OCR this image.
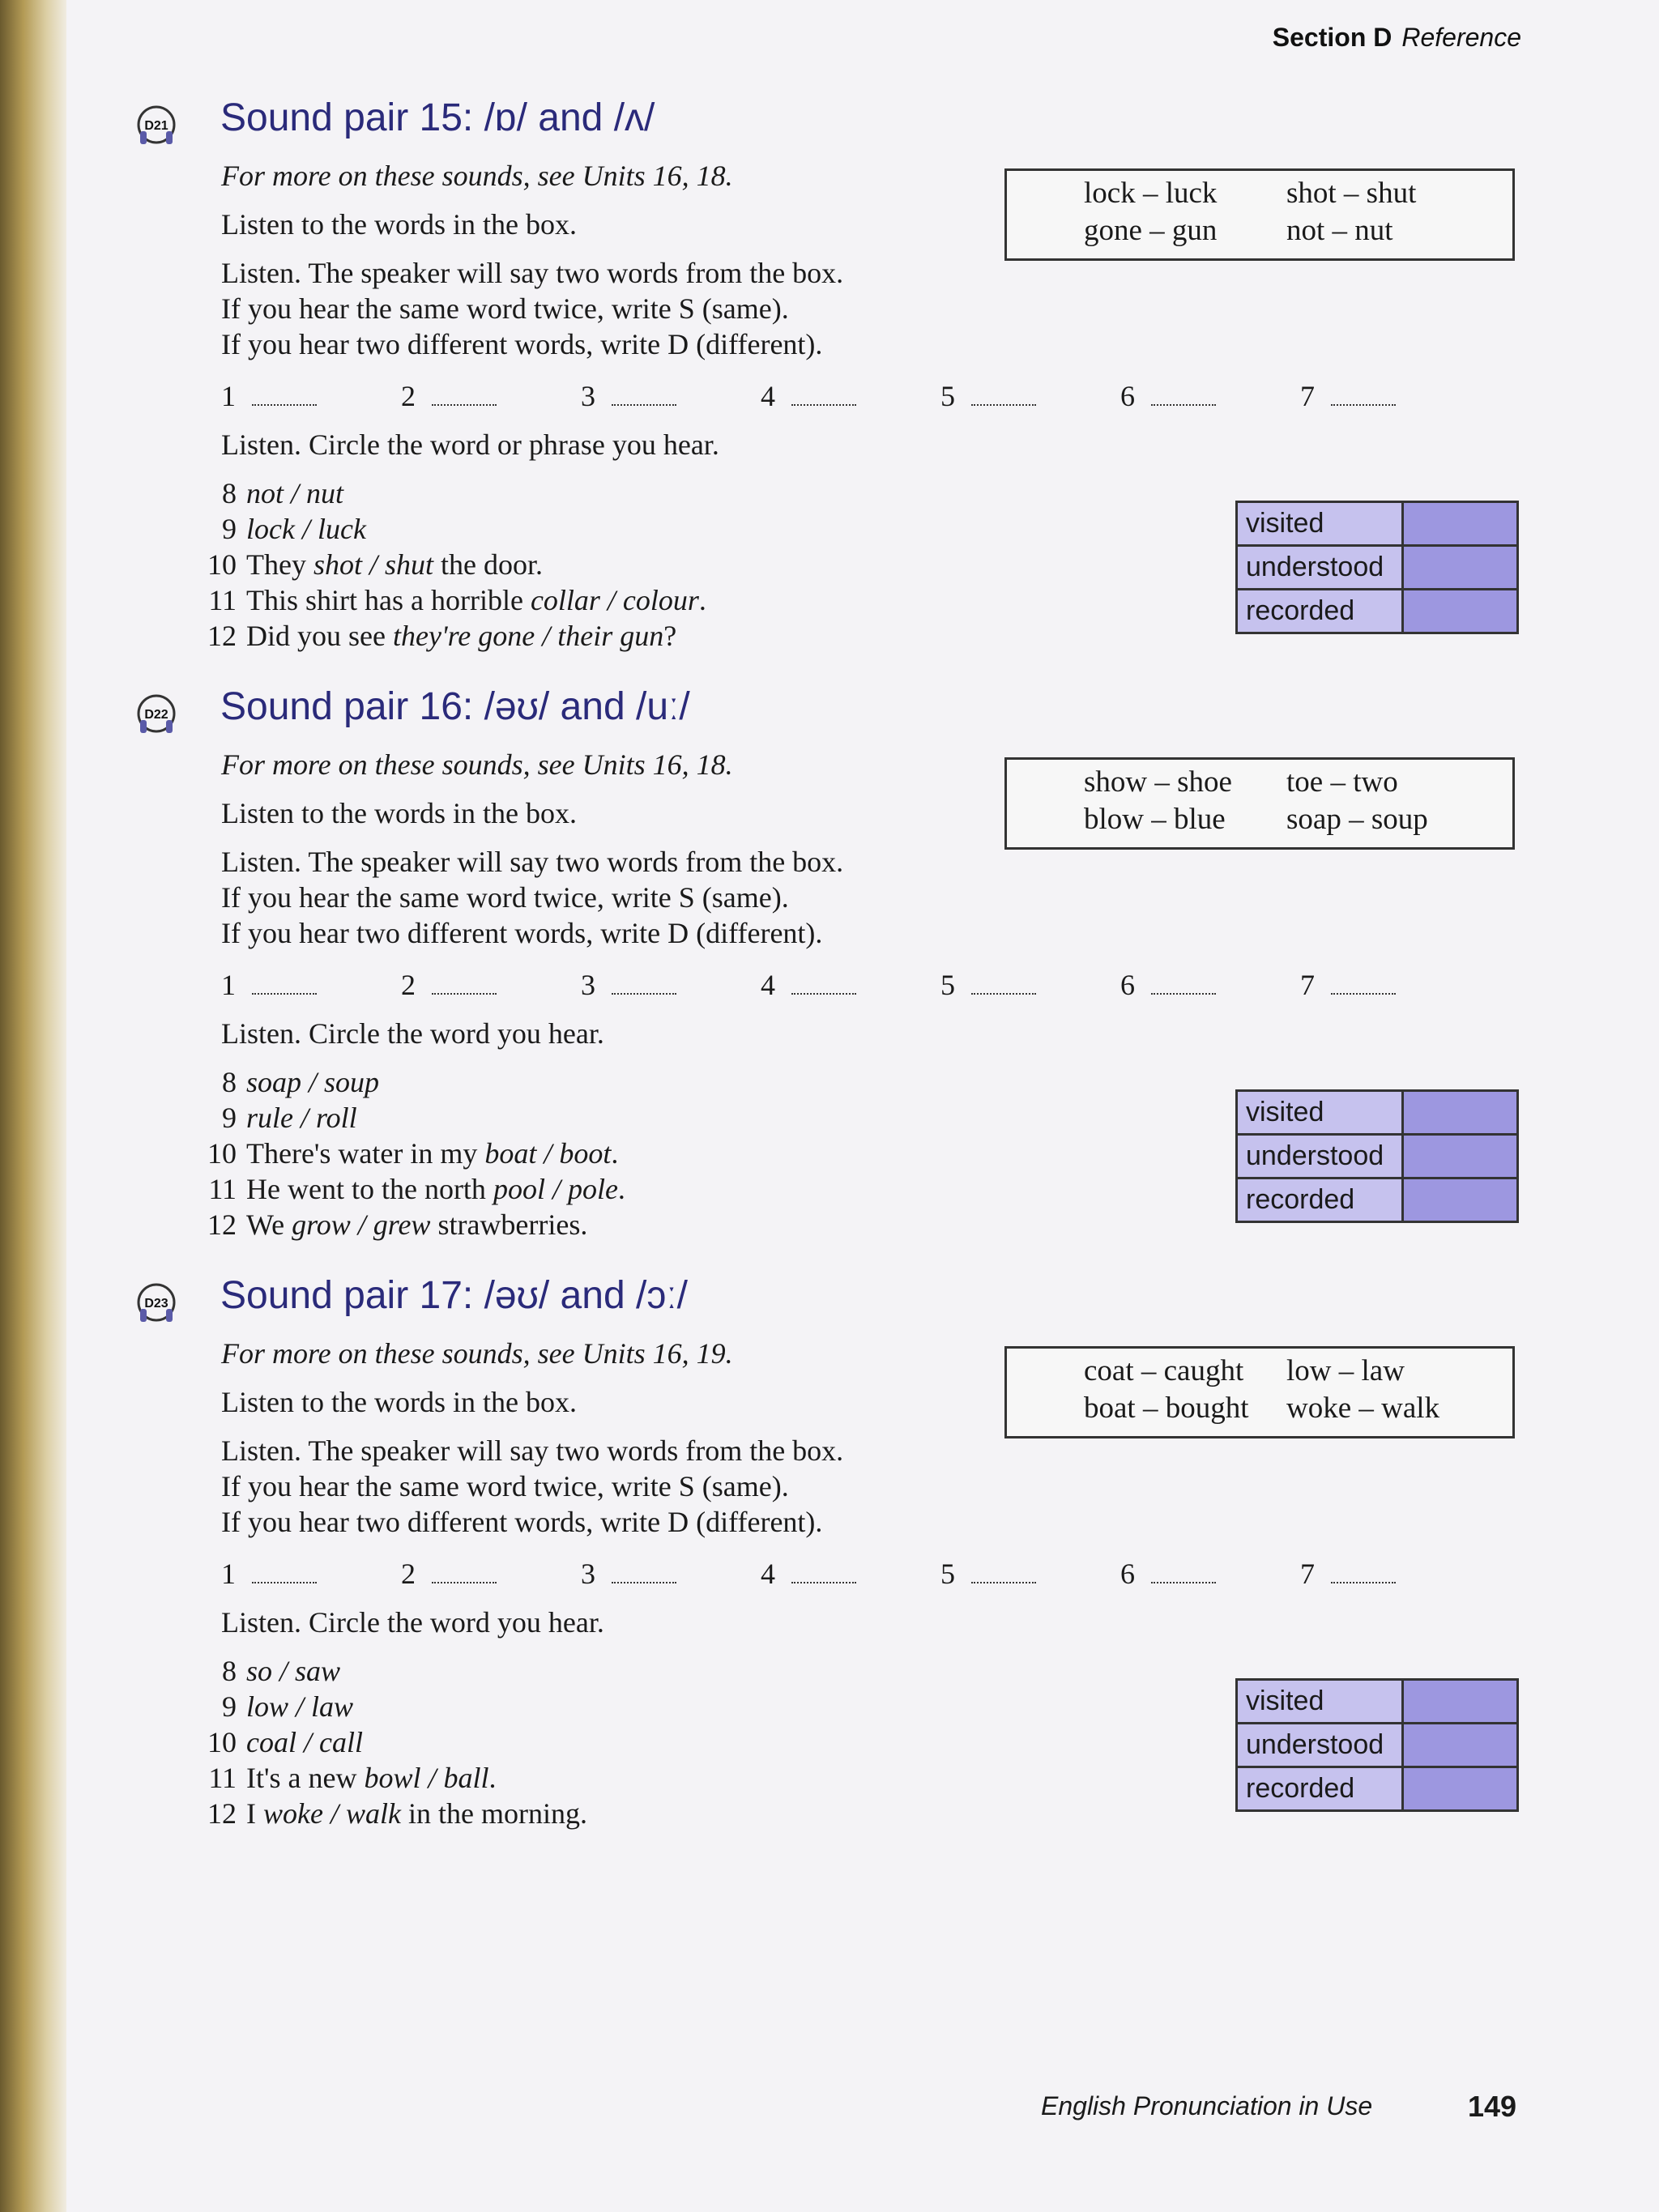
Section D Reference
D21 Sound pair 15: /ɒ/ and /ʌ/
For more on these sounds, see Units 16, 18.
Listen to the words in the box.
Listen. The speaker will say two words from the box.
If you hear the same word twice, write S (same).
If you hear two different words, write D (different).
lock – luck shot – shut
gone – gun not – nut
1	2	3	4	5	6	7
Listen. Circle the word or phrase you hear.
8 not / nut
9 lock / luck
10 They shot / shut the door.
11 This shirt has a horrible collar / colour.
12 Did you see they're gone / their gun?
visited	
understood	
recorded	
D22 Sound pair 16: /əʊ/ and /uː/
For more on these sounds, see Units 16, 18.
Listen to the words in the box.
Listen. The speaker will say two words from the box.
If you hear the same word twice, write S (same).
If you hear two different words, write D (different).
show – shoe toe – two
blow – blue soap – soup
1	2	3	4	5	6	7
Listen. Circle the word you hear.
8 soap / soup
9 rule / roll
10 There's water in my boat / boot.
11 He went to the north pool / pole.
12 We grow / grew strawberries.
visited	
understood	
recorded	
D23 Sound pair 17: /əʊ/ and /ɔː/
For more on these sounds, see Units 16, 19.
Listen to the words in the box.
Listen. The speaker will say two words from the box.
If you hear the same word twice, write S (same).
If you hear two different words, write D (different).
coat – caught low – law
boat – bought woke – walk
1	2	3	4	5	6	7
Listen. Circle the word you hear.
8 so / saw
9 low / law
10 coal / call
11 It's a new bowl / ball.
12 I woke / walk in the morning.
visited	
understood	
recorded	
English Pronunciation in Use	149
